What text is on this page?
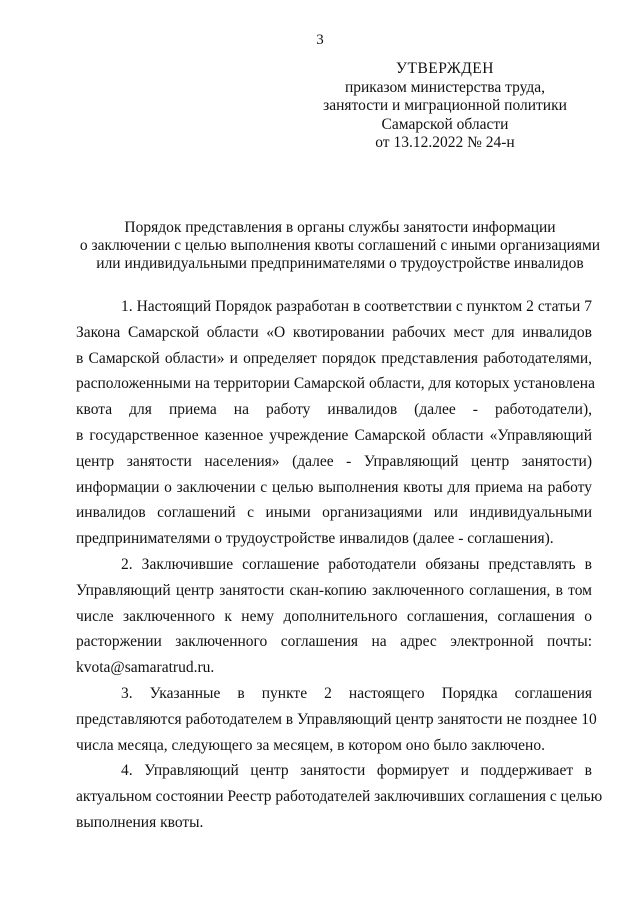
3
УТВЕРЖДЕН
приказом министерства труда,
занятости и миграционной политики
Самарской области
от 13.12.2022 № 24-н
Порядок представления в органы службы занятости информации
о заключении с целью выполнения квоты соглашений с иными организациями
или индивидуальными предпринимателями о трудоустройстве инвалидов
1. Настоящий Порядок разработан в соответствии с пунктом 2 статьи 7
Закона Самарской области «О квотировании рабочих мест для инвалидов
в Самарской области» и определяет порядок представления работодателями,
расположенными на территории Самарской области, для которых установлена
квота для приема на работу инвалидов (далее - работодатели),
в государственное казенное учреждение Самарской области «Управляющий
центр занятости населения» (далее - Управляющий центр занятости)
информации о заключении с целью выполнения квоты для приема на работу
инвалидов соглашений с иными организациями или индивидуальными
предпринимателями о трудоустройстве инвалидов (далее - соглашения).
2. Заключившие соглашение работодатели обязаны представлять в
Управляющий центр занятости скан-копию заключенного соглашения, в том
числе заключенного к нему дополнительного соглашения, соглашения о
расторжении заключенного соглашения на адрес электронной почты:
kvota@samaratrud.ru.
3. Указанные в пункте 2 настоящего Порядка соглашения
представляются работодателем в Управляющий центр занятости не позднее 10
числа месяца, следующего за месяцем, в котором оно было заключено.
4. Управляющий центр занятости формирует и поддерживает в
актуальном состоянии Реестр работодателей заключивших соглашения с целью
выполнения квоты.
